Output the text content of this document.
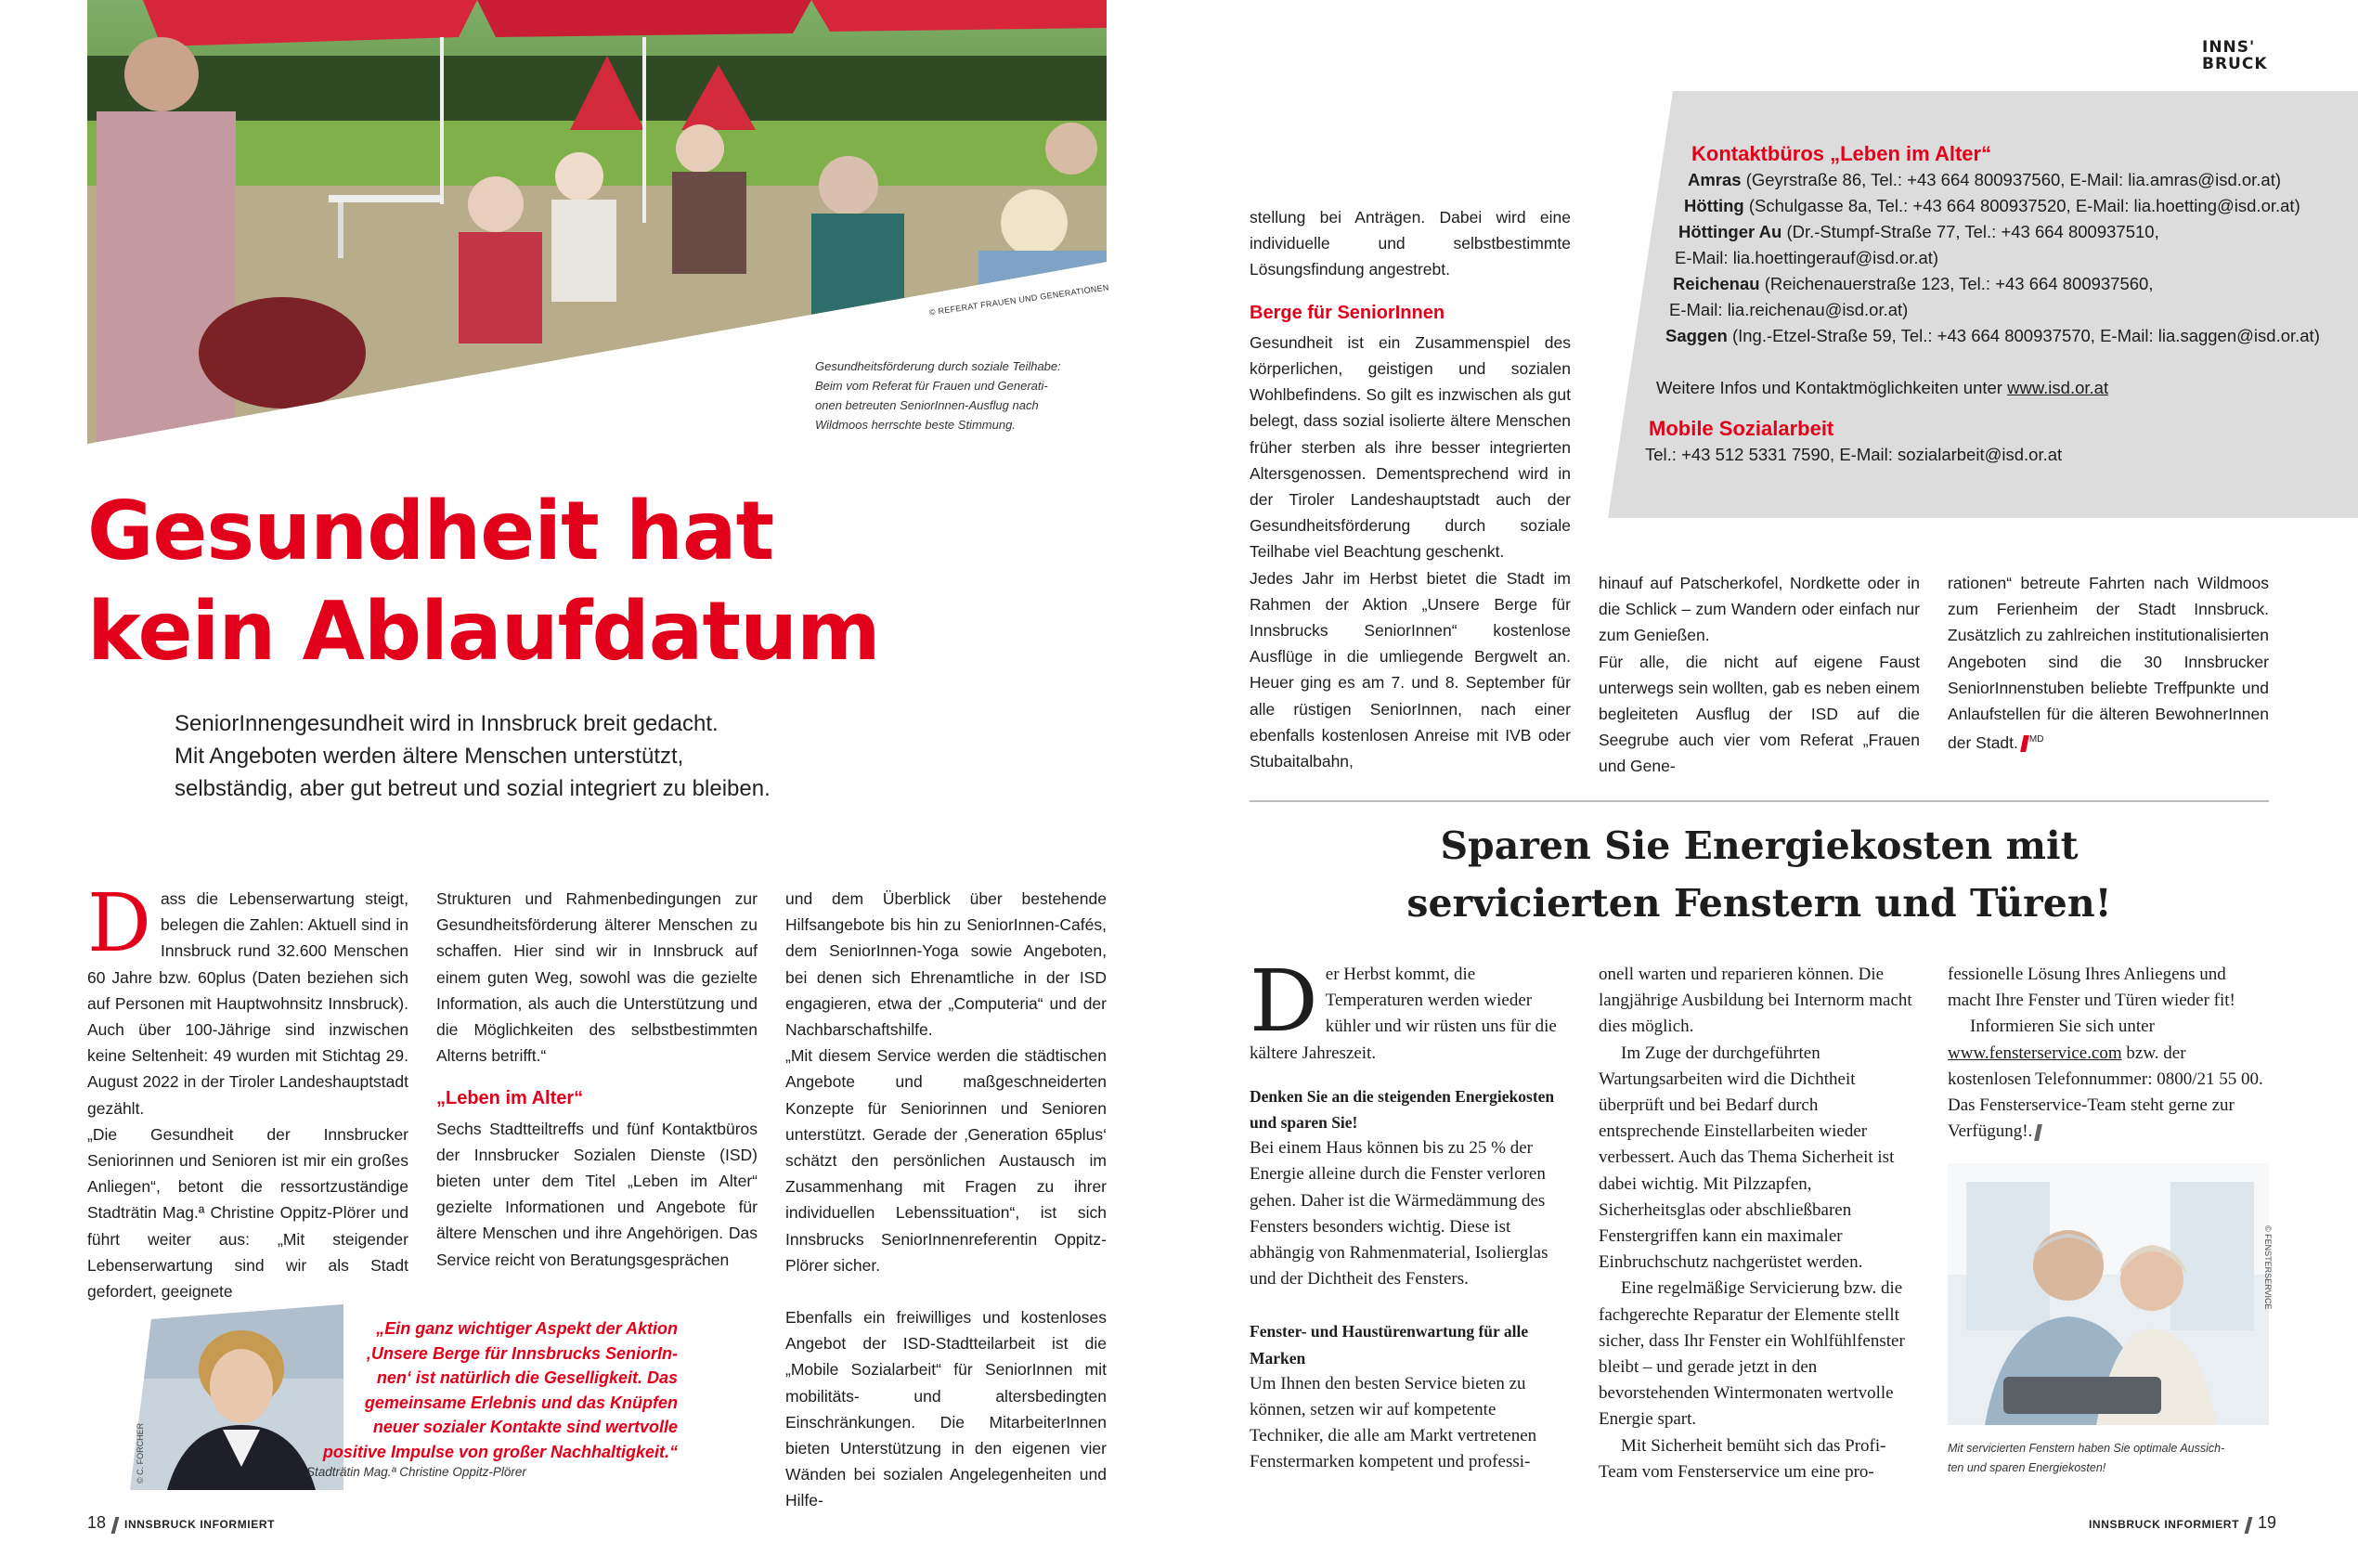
© REFERAT FRAUEN UND GENERATIONEN
Gesundheitsförderung durch soziale Teilhabe:
Beim vom Referat für Frauen und Generati-
onen betreuten SeniorInnen-Ausflug nach
Wildmoos herrschte beste Stimmung.
Gesundheit hat
kein Ablaufdatum
SeniorInnengesundheit wird in Innsbruck breit gedacht.
Mit Angeboten werden ältere Menschen unterstützt,
selbständig, aber gut betreut und sozial integriert zu bleiben.

Dass die Lebenserwartung steigt, belegen die Zahlen: Aktuell sind in Innsbruck rund 32.600 Menschen 60 Jahre bzw. 60plus (Daten beziehen sich auf Personen mit Hauptwohnsitz Innsbruck). Auch über 100-Jährige sind inzwischen keine Seltenheit: 49 wurden mit Stichtag 29. August 2022 in der Tiroler Landeshauptstadt gezählt.

„Die Gesundheit der Innsbrucker Seniorinnen und Senioren ist mir ein großes Anliegen“, betont die ressortzuständige Stadträtin Mag.ª Christine Oppitz-Plörer und führt weiter aus: „Mit steigender Lebenserwartung sind wir als Stadt gefordert, geeignete

Strukturen und Rahmenbedingungen zur Gesundheitsförderung älterer Menschen zu schaffen. Hier sind wir in Innsbruck auf einem guten Weg, sowohl was die gezielte Information, als auch die Unterstützung und die Möglichkeiten des selbstbestimmten Alterns betrifft.“

„Leben im Alter“

Sechs Stadtteiltreffs und fünf Kontaktbüros der Innsbrucker Sozialen Dienste (ISD) bieten unter dem Titel „Leben im Alter“ gezielte Informationen und Angebote für ältere Menschen und ihre Angehörigen. Das Service reicht von Beratungsgesprächen

und dem Überblick über bestehende Hilfsangebote bis hin zu SeniorInnen-Cafés, dem SeniorInnen-Yoga sowie Angeboten, bei denen sich Ehrenamtliche in der ISD engagieren, etwa der „Computeria“ und der Nachbarschaftshilfe.

„Mit diesem Service werden die städtischen Angebote und maßgeschneiderten Konzepte für Seniorinnen und Senioren unterstützt. Gerade der ‚Generation 65plus‘ schätzt den persönlichen Austausch im Zusammenhang mit Fragen zu ihrer individuellen Lebenssituation“, ist sich Innsbrucks SeniorInnenreferentin Oppitz-Plörer sicher.

Ebenfalls ein freiwilliges und kostenloses Angebot der ISD-Stadtteilarbeit ist die „Mobile Sozialarbeit“ für SeniorInnen mit mobilitäts- und altersbedingten Einschränkungen. Die MitarbeiterInnen bieten Unterstützung in den eigenen vier Wänden bei sozialen Angelegenheiten und Hilfe-

© C. FORCHER
„Ein ganz wichtiger Aspekt der Aktion
‚Unsere Berge für Innsbrucks SeniorIn-
nen‘ ist natürlich die Geselligkeit. Das
gemeinsame Erlebnis und das Knüpfen
neuer sozialer Kontakte sind wertvolle
positive Impulse von großer Nachhaltigkeit.“
Stadträtin Mag.ª Christine Oppitz-Plörer
18 INNSBRUCK INFORMIERT
INNS'
BRUCK
Kontaktbüros „Leben im Alter“
Amras (Geyrstraße 86, Tel.: +43 664 800937560, E-Mail: lia.amras@isd.or.at)
Hötting (Schulgasse 8a, Tel.: +43 664 800937520, E-Mail: lia.hoetting@isd.or.at)
Höttinger Au (Dr.-Stumpf-Straße 77, Tel.: +43 664 800937510,
E-Mail: lia.hoettingerauf@isd.or.at)
Reichenau (Reichenauerstraße 123, Tel.: +43 664 800937560,
E-Mail: lia.reichenau@isd.or.at)
Saggen (Ing.-Etzel-Straße 59, Tel.: +43 664 800937570, E-Mail: lia.saggen@isd.or.at)
Weitere Infos und Kontaktmöglichkeiten unter www.isd.or.at
Mobile Sozialarbeit
Tel.: +43 512 5331 7590, E-Mail: sozialarbeit@isd.or.at

stellung bei Anträgen. Dabei wird eine individuelle und selbstbestimmte Lösungsfindung angestrebt.

Berge für SeniorInnen

Gesundheit ist ein Zusammenspiel des körperlichen, geistigen und sozialen Wohlbefindens. So gilt es inzwischen als gut belegt, dass sozial isolierte ältere Menschen früher sterben als ihre besser integrierten Altersgenossen. Dementsprechend wird in der Tiroler Landeshauptstadt auch der Gesundheitsförderung durch soziale Teilhabe viel Beachtung geschenkt.

Jedes Jahr im Herbst bietet die Stadt im Rahmen der Aktion „Unsere Berge für Innsbrucks SeniorInnen“ kostenlose Ausflüge in die umliegende Bergwelt an. Heuer ging es am 7. und 8. September für alle rüstigen SeniorInnen, nach einer ebenfalls kostenlosen Anreise mit IVB oder Stubaitalbahn,

hinauf auf Patscherkofel, Nordkette oder in die Schlick – zum Wandern oder einfach nur zum Genießen.

Für alle, die nicht auf eigene Faust unterwegs sein wollten, gab es neben einem begleiteten Ausflug der ISD auf die Seegrube auch vier vom Referat „Frauen und Gene-

rationen“ betreute Fahrten nach Wildmoos zum Ferienheim der Stadt Innsbruck. Zusätzlich zu zahlreichen institutionalisierten Angeboten sind die 30 Innsbrucker SeniorInnenstuben beliebte Treffpunkte und Anlaufstellen für die älteren BewohnerInnen der Stadt. $^{MD}$

Sparen Sie Energiekosten mit
servicierten Fenstern und Türen!

Der Herbst kommt, die Temperaturen werden wieder kühler und wir rüsten uns für die kältere Jahreszeit.

Denken Sie an die steigenden Energiekosten und sparen Sie!

Bei einem Haus können bis zu 25 % der Energie alleine durch die Fenster verloren gehen. Daher ist die Wärmedämmung des Fensters besonders wichtig. Diese ist abhängig von Rahmenmaterial, Isolierglas und der Dichtheit des Fensters.

Fenster- und Haustürenwartung für alle Marken

Um Ihnen den besten Service bieten zu können, setzen wir auf kompetente Techniker, die alle am Markt vertretenen Fenstermarken kompetent und professi-

onell warten und reparieren können. Die langjährige Ausbildung bei Internorm macht dies möglich.

Im Zuge der durchgeführten Wartungsarbeiten wird die Dichtheit überprüft und bei Bedarf durch entsprechende Einstellarbeiten wieder verbessert. Auch das Thema Sicherheit ist dabei wichtig. Mit Pilzzapfen, Sicherheitsglas oder abschließbaren Fenstergriffen kann ein maximaler Einbruchschutz nachgerüstet werden.

Eine regelmäßige Servicierung bzw. die fachgerechte Reparatur der Elemente stellt sicher, dass Ihr Fenster ein Wohlfühlfenster bleibt – und gerade jetzt in den bevorstehenden Wintermonaten wertvolle Energie spart.

Mit Sicherheit bemüht sich das Profi-Team vom Fensterservice um eine pro-

fessionelle Lösung Ihres Anliegens und macht Ihre Fenster und Türen wieder fit!

Informieren Sie sich unter www.fensterservice.com bzw. der kostenlosen Telefonnummer: 0800/21 55 00. Das Fensterservice-Team steht gerne zur Verfügung!.

© FENSTERSERVICE
Mit servicierten Fenstern haben Sie optimale Aussich-
ten und sparen Energiekosten!
INNSBRUCK INFORMIERT 19
